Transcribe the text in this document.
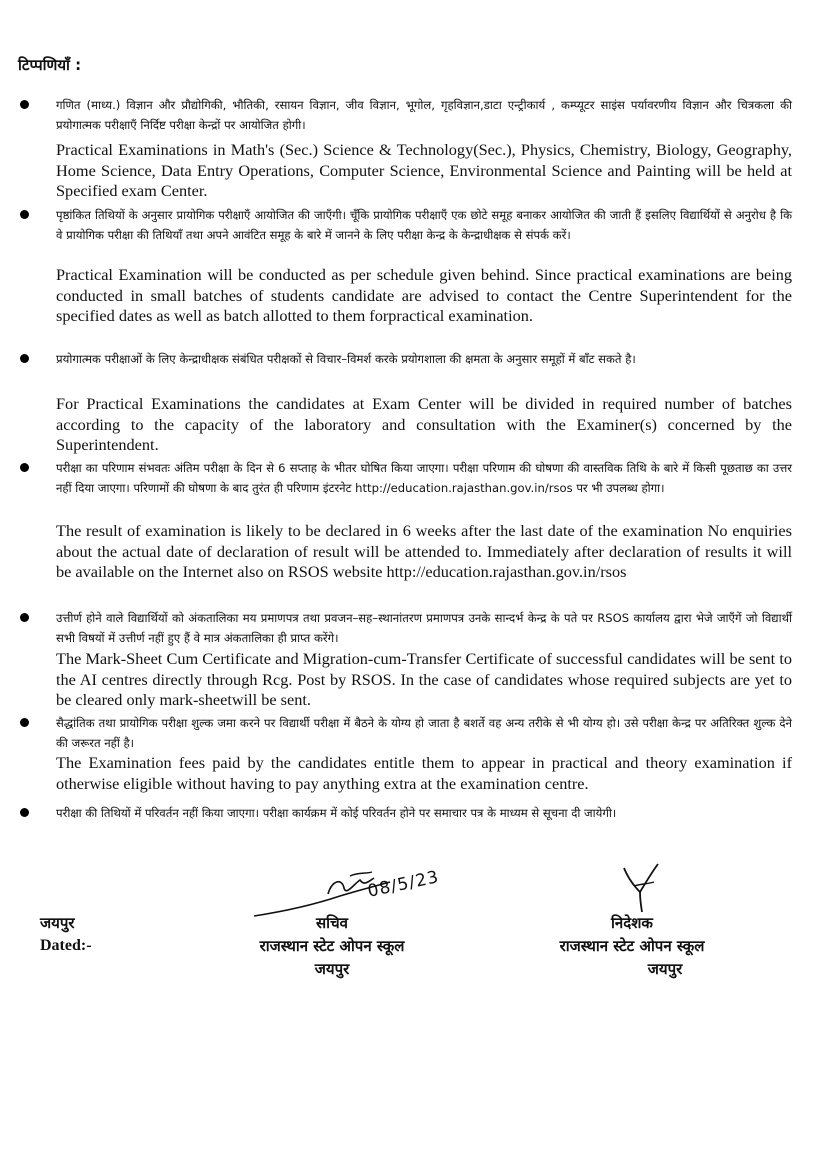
टिप्पणियाँ :
गणित (माध्य.) विज्ञान और प्रौद्योगिकी, भौतिकी, रसायन विज्ञान, जीव विज्ञान, भूगोल, गृहविज्ञान,डाटा एन्ट्रीकार्य , कम्प्यूटर साइंस पर्यावरणीय विज्ञान और चित्रकला की प्रयोगात्मक परीक्षाएँ निर्दिष्ट परीक्षा केन्द्रों पर आयोजित होगी।
Practical Examinations in Math's (Sec.) Science & Technology(Sec.), Physics, Chemistry, Biology, Geography, Home Science, Data Entry Operations, Computer Science, Environmental Science and Painting will be held at Specified exam Center.
पृष्ठांकित तिथियों के अनुसार प्रायोगिक परीक्षाएँ आयोजित की जाएँगी। चूँकि प्रायोगिक परीक्षाएँ एक छोटे समूह बनाकर आयोजित की जाती हैं इसलिए विद्यार्थियों से अनुरोध है कि वे प्रायोगिक परीक्षा की तिथियाँ तथा अपने आवंटित समूह के बारे में जानने के लिए परीक्षा केन्द्र के केन्द्राधीक्षक से संपर्क करें।
Practical Examination will be conducted as per schedule given behind. Since practical examinations are being conducted in small batches of students candidate are advised to contact the Centre Superintendent for the specified dates as well as batch allotted to them forpractical examination.
प्रयोगात्मक परीक्षाओं के लिए केन्द्राधीक्षक संबंधित परीक्षकों से विचार–विमर्श करके प्रयोगशाला की क्षमता के अनुसार समूहों में बाँट सकते है।
For Practical Examinations the candidates at Exam Center will be divided in required number of batches according to the capacity of the laboratory and consultation with the Examiner(s) concerned by the Superintendent.
परीक्षा का परिणाम संभवतः अंतिम परीक्षा के दिन से 6 सप्ताह के भीतर घोषित किया जाएगा। परीक्षा परिणाम की घोषणा की वास्तविक तिथि के बारे में किसी पूछताछ का उत्तर नहीं दिया जाएगा। परिणामों की घोषणा के बाद तुरंत ही परिणाम इंटरनेट http://education.rajasthan.gov.in/rsos पर भी उपलब्ध होगा।
The result of examination is likely to be declared in 6 weeks after the last date of the examination No enquiries about the actual date of declaration of result will be attended to. Immediately after declaration of results it will be available on the Internet also on RSOS website http://education.rajasthan.gov.in/rsos
उत्तीर्ण होने वाले विद्यार्थियों को अंकतालिका मय प्रमाणपत्र तथा प्रवजन–सह–स्थानांतरण प्रमाणपत्र उनके सान्दर्भ केन्द्र के पते पर RSOS कार्यालय द्वारा भेजे जाएँगें जो विद्यार्थी सभी विषयों में उत्तीर्ण नहीं हुए हैं वे मात्र अंकतालिका ही प्राप्त करेंगे।
The Mark-Sheet Cum Certificate and Migration-cum-Transfer Certificate of successful candidates will be sent to the AI centres directly through Rcg. Post by RSOS. In the case of candidates whose required subjects are yet to be cleared only mark-sheetwill be sent.
सैद्धांतिक तथा प्रायोगिक परीक्षा शुल्क जमा करने पर विद्यार्थी परीक्षा में बैठने के योग्य हो जाता है बशर्ते वह अन्य तरीके से भी योग्य हो। उसे परीक्षा केन्द्र पर अतिरिक्त शुल्क देने की जरूरत नहीं है।
The Examination fees paid by the candidates entitle them to appear in practical and theory examination if otherwise eligible without having to pay anything extra at the examination centre.
परीक्षा की तिथियों में परिवर्तन नहीं किया जाएगा। परीक्षा कार्यक्रम में कोई परिवर्तन होने पर समाचार पत्र के माध्यम से सूचना दी जायेगी।
जयपुर
Dated:-
08/5/23
सचिव
राजस्थान स्टेट ओपन स्कूल
जयपुर
निदेशक
राजस्थान स्टेट ओपन स्कूल
जयपुर
